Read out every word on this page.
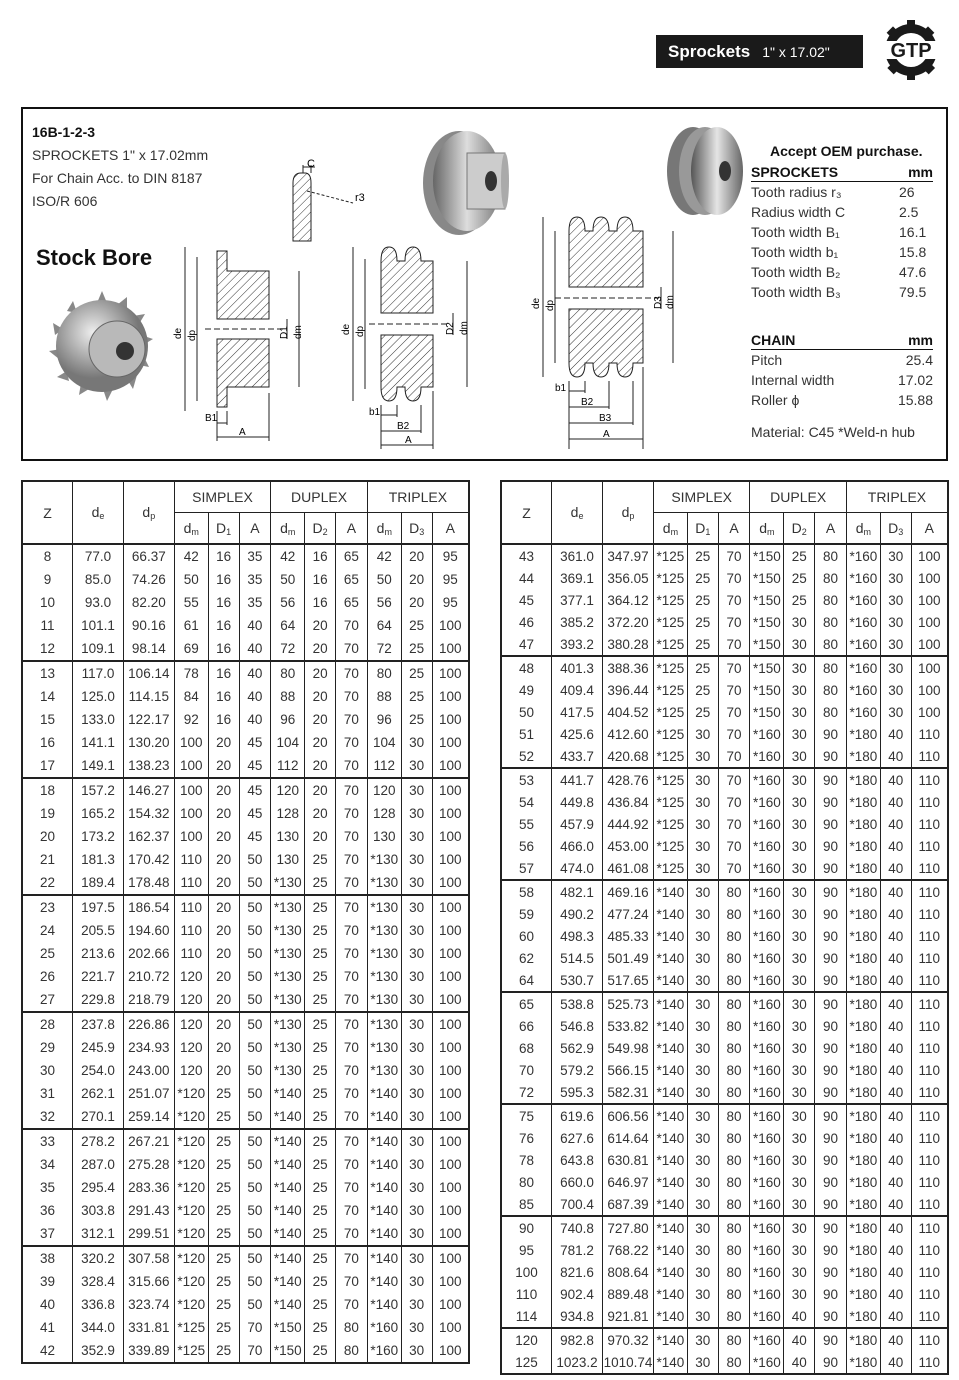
Sprockets 1" x 17.02"	GTP
16B-1-2-3
SPROCKETS 1" x 17.02mm
For Chain Acc. to DIN 8187
ISO/R 606
Stock Bore
C
r3
de dp	D1 dm
B1
A
de dp	D2 dm
b1
B2
A
de dp	D3 dm
b1
B2
B3
A
Accept OEM purchase.
SPROCKETS	mm
Tooth radius r₃	26
Radius width C	2.5
Tooth width B₁	16.1
Tooth width b₁	15.8
Tooth width B₂	47.6
Tooth width B₃	79.5
CHAIN	mm
Pitch	25.4
Internal width	17.02
Roller ϕ	15.88
Material: C45 *Weld-n hub
Z	de	dp	SIMPLEX			DUPLEX			TRIPLEX		
			dm	D1	A	dm	D2	A	dm	D3	A
8	77.0	66.37	42	16	35	42	16	65	42	20	95
9	85.0	74.26	50	16	35	50	16	65	50	20	95
10	93.0	82.20	55	16	35	56	16	65	56	20	95
11	101.1	90.16	61	16	40	64	20	70	64	25	100
12	109.1	98.14	69	16	40	72	20	70	72	25	100
13	117.0	106.14	78	16	40	80	20	70	80	25	100
14	125.0	114.15	84	16	40	88	20	70	88	25	100
15	133.0	122.17	92	16	40	96	20	70	96	25	100
16	141.1	130.20	100	20	45	104	20	70	104	30	100
17	149.1	138.23	100	20	45	112	20	70	112	30	100
18	157.2	146.27	100	20	45	120	20	70	120	30	100
19	165.2	154.32	100	20	45	128	20	70	128	30	100
20	173.2	162.37	100	20	45	130	20	70	130	30	100
21	181.3	170.42	110	20	50	130	25	70	*130	30	100
22	189.4	178.48	110	20	50	*130	25	70	*130	30	100
23	197.5	186.54	110	20	50	*130	25	70	*130	30	100
24	205.5	194.60	110	20	50	*130	25	70	*130	30	100
25	213.6	202.66	110	20	50	*130	25	70	*130	30	100
26	221.7	210.72	120	20	50	*130	25	70	*130	30	100
27	229.8	218.79	120	20	50	*130	25	70	*130	30	100
28	237.8	226.86	120	20	50	*130	25	70	*130	30	100
29	245.9	234.93	120	20	50	*130	25	70	*130	30	100
30	254.0	243.00	120	20	50	*130	25	70	*130	30	100
31	262.1	251.07	*120	25	50	*140	25	70	*140	30	100
32	270.1	259.14	*120	25	50	*140	25	70	*140	30	100
33	278.2	267.21	*120	25	50	*140	25	70	*140	30	100
34	287.0	275.28	*120	25	50	*140	25	70	*140	30	100
35	295.4	283.36	*120	25	50	*140	25	70	*140	30	100
36	303.8	291.43	*120	25	50	*140	25	70	*140	30	100
37	312.1	299.51	*120	25	50	*140	25	70	*140	30	100
38	320.2	307.58	*120	25	50	*140	25	70	*140	30	100
39	328.4	315.66	*120	25	50	*140	25	70	*140	30	100
40	336.8	323.74	*120	25	50	*140	25	70	*140	30	100
41	344.0	331.81	*125	25	70	*150	25	80	*160	30	100
42	352.9	339.89	*125	25	70	*150	25	80	*160	30	100
Z	de	dp	SIMPLEX			DUPLEX			TRIPLEX		
			dm	D1	A	dm	D2	A	dm	D3	A
43	361.0	347.97	*125	25	70	*150	25	80	*160	30	100
44	369.1	356.05	*125	25	70	*150	25	80	*160	30	100
45	377.1	364.12	*125	25	70	*150	25	80	*160	30	100
46	385.2	372.20	*125	25	70	*150	30	80	*160	30	100
47	393.2	380.28	*125	25	70	*150	30	80	*160	30	100
48	401.3	388.36	*125	25	70	*150	30	80	*160	30	100
49	409.4	396.44	*125	25	70	*150	30	80	*160	30	100
50	417.5	404.52	*125	25	70	*150	30	80	*160	30	100
51	425.6	412.60	*125	30	70	*160	30	90	*180	40	110
52	433.7	420.68	*125	30	70	*160	30	90	*180	40	110
53	441.7	428.76	*125	30	70	*160	30	90	*180	40	110
54	449.8	436.84	*125	30	70	*160	30	90	*180	40	110
55	457.9	444.92	*125	30	70	*160	30	90	*180	40	110
56	466.0	453.00	*125	30	70	*160	30	90	*180	40	110
57	474.0	461.08	*125	30	70	*160	30	90	*180	40	110
58	482.1	469.16	*140	30	80	*160	30	90	*180	40	110
59	490.2	477.24	*140	30	80	*160	30	90	*180	40	110
60	498.3	485.33	*140	30	80	*160	30	90	*180	40	110
62	514.5	501.49	*140	30	80	*160	30	90	*180	40	110
64	530.7	517.65	*140	30	80	*160	30	90	*180	40	110
65	538.8	525.73	*140	30	80	*160	30	90	*180	40	110
66	546.8	533.82	*140	30	80	*160	30	90	*180	40	110
68	562.9	549.98	*140	30	80	*160	30	90	*180	40	110
70	579.2	566.15	*140	30	80	*160	30	90	*180	40	110
72	595.3	582.31	*140	30	80	*160	30	90	*180	40	110
75	619.6	606.56	*140	30	80	*160	30	90	*180	40	110
76	627.6	614.64	*140	30	80	*160	30	90	*180	40	110
78	643.8	630.81	*140	30	80	*160	30	90	*180	40	110
80	660.0	646.97	*140	30	80	*160	30	90	*180	40	110
85	700.4	687.39	*140	30	80	*160	30	90	*180	40	110
90	740.8	727.80	*140	30	80	*160	30	90	*180	40	110
95	781.2	768.22	*140	30	80	*160	30	90	*180	40	110
100	821.6	808.64	*140	30	80	*160	30	90	*180	40	110
110	902.4	889.48	*140	30	80	*160	30	90	*180	40	110
114	934.8	921.81	*140	30	80	*160	40	90	*180	40	110
120	982.8	970.32	*140	30	80	*160	40	90	*180	40	110
125	1023.2	1010.74	*140	30	80	*160	40	90	*180	40	110
